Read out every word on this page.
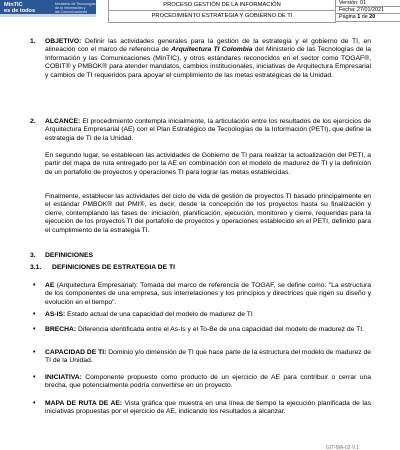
MinTIC
es de todos
Ministerio de Tecnologías
de la Información y
las Comunicaciones
PROCESO GESTIÓN DE LA INFORMACIÓN
PROCEDIMIENTO ESTRATEGIA Y GOBIERNO DE TI
Versión: 01
Fecha: 27/01/2021
Página 1 de 20
1. OBJETIVO: Definir las actividades generales para la gestión de la estrategia y el gobierno de TI, en alineación con el marco de referencia de Arquitectura TI Colombia del Ministerio de las Tecnologías de la Información y las Comunicaciones (MinTIC), y otros estándares reconocidos en el sector como TOGAF®, COBIT® y PMBOK® para atender mandatos, cambios institucionales, iniciativas de Arquitectura Empresarial y cambios de TI requeridos para apoyar el cumplimiento de las metas estratégicas de la Unidad.
2. ALCANCE: El procedimiento contempla inicialmente, la articulación entre los resultados de los ejercicios de Arquitectura Empresarial (AE) con el Plan Estratégico de Tecnologías de la Información (PETI), que define la estrategia de TI de la Unidad.
En segundo lugar, se establecen las actividades de Gobierno de TI para realizar la actualización del PETI, a partir del mapa de ruta entregado por la AE en combinación con el modelo de madurez de TI y la definición de un portafolio de proyectos y operaciones TI para lograr las metas establecidas.
Finalmente, establecer las actividades del ciclo de vida de gestión de proyectos TI basado principalmente en el estándar PMBOK® del PMI®, es decir, desde la concepción de los proyectos hasta su finalización y cierre, contemplando las fases de: iniciación, planificación, ejecución, monitoreo y cierre, requeridas para la ejecución de los proyectos TI del portafolio de proyectos y operaciones establecido en el PETI, definido para el cumplimiento de la estrategia TI.
3. DEFINICIONES
3.1. DEFINICIONES DE ESTRATEGIA DE TI
• AE (Arquitectura Empresarial): Tomada del marco de referencia de TOGAF, se define como: "La estructura de los componentes de una empresa, sus interrelaciones y los principios y directrices que rigen su diseño y evolución en el tiempo".
• AS-IS: Estado actual de una capacidad del modelo de madurez de TI
• BRECHA: Diferencia identificada entre el As-Is y el To-Be de una capacidad del modelo de madurez de TI.
• CAPACIDAD DE TI: Dominio y/o dimensión de TI que hace parte de la estructura del modelo de madurez de TI de la Unidad.
• INICIATIVA: Componente propuesto como producto de un ejercicio de AE para contribuir o cerrar una brecha, que potencialmente podría convertirse en un proyecto.
• MAPA DE RUTA DE AE: Vista gráfica que muestra en una línea de tiempo la ejecución planificada de las iniciativas propuestas por el ejercicio de AE, indicando los resultados a alcanzar.
GIT-MA-02 V.1
